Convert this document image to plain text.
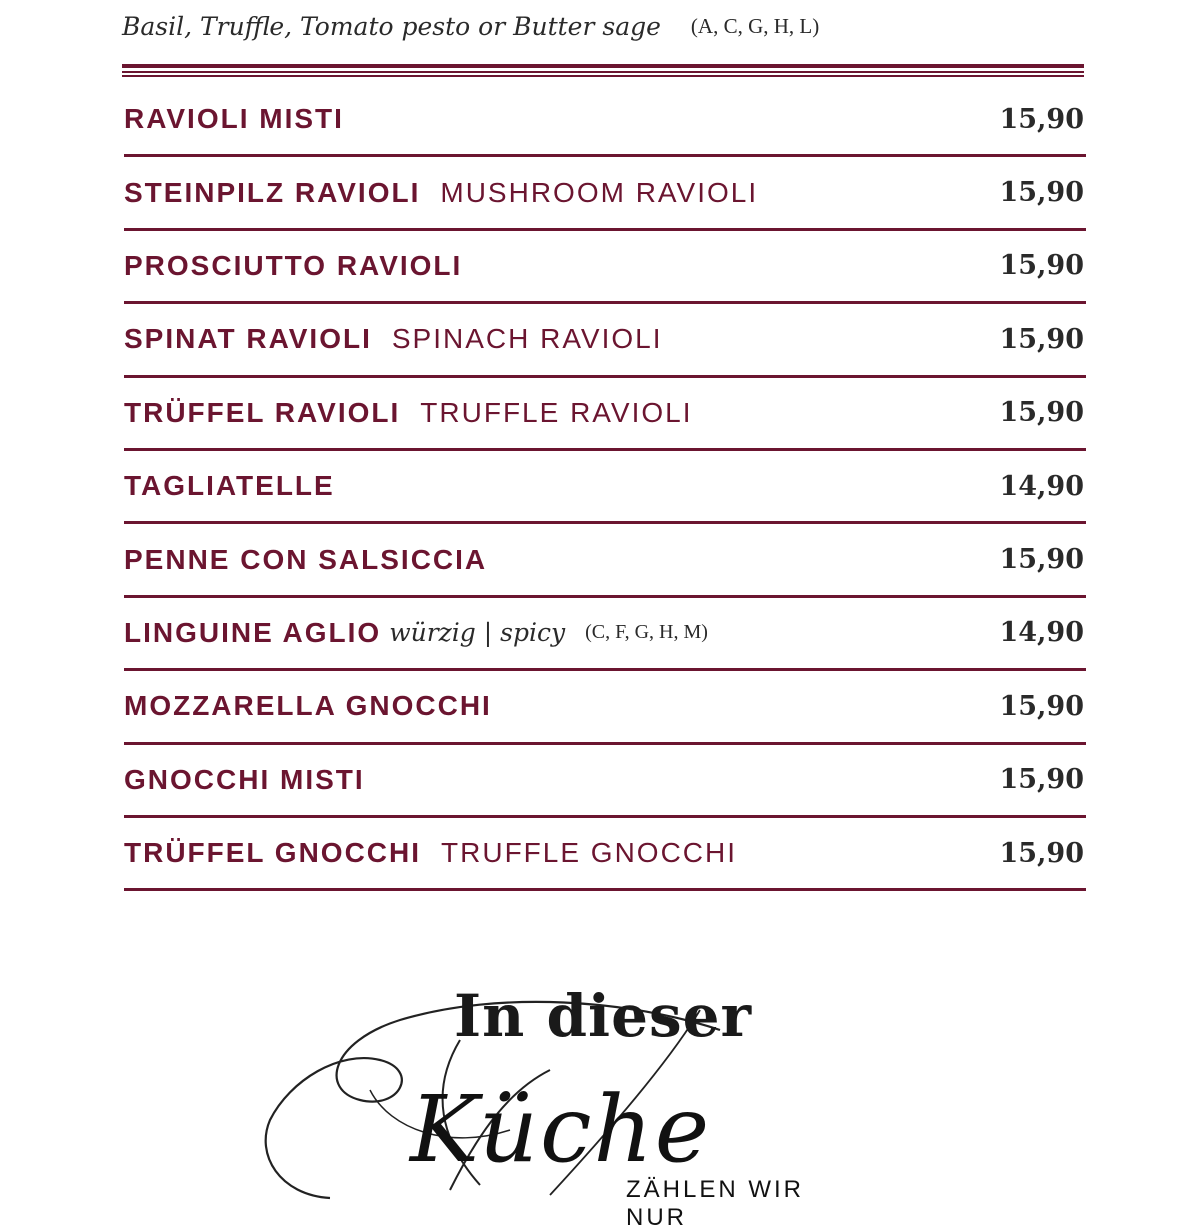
Basil, Truffle, Tomato pesto or Butter sage (A, C, G, H, L)
RAVIOLI MISTI	15,90
STEINPILZ RAVIOLI MUSHROOM RAVIOLI	15,90
PROSCIUTTO RAVIOLI	15,90
SPINAT RAVIOLI SPINACH RAVIOLI	15,90
TRÜFFEL RAVIOLI TRUFFLE RAVIOLI	15,90
TAGLIATELLE	14,90
PENNE CON SALSICCIA	15,90
LINGUINE AGLIO würzig | spicy (C, F, G, H, M)	14,90
MOZZARELLA GNOCCHI	15,90
GNOCCHI MISTI	15,90
TRÜFFEL GNOCCHI TRUFFLE GNOCCHI	15,90
In dieser
Küche
ZÄHLEN WIR NUR
